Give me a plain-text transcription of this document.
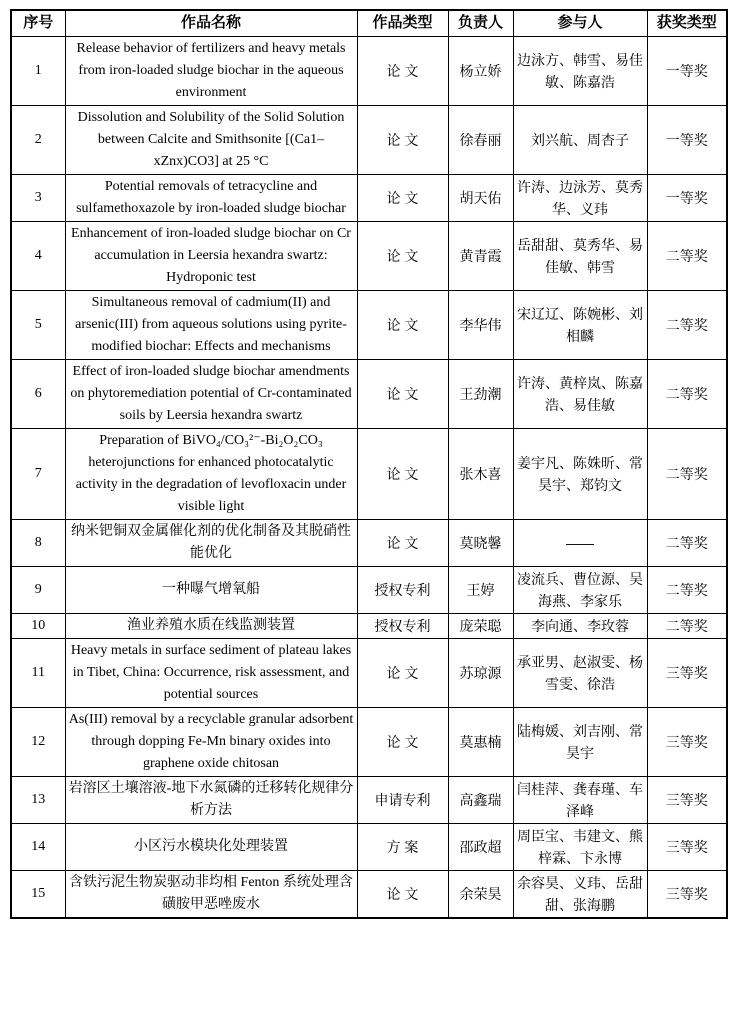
序号	作品名称	作品类型	负责人	参与人	获奖类型
1	Release behavior of fertilizers and heavy metals from iron-loaded sludge biochar in the aqueous environment	论 文	杨立娇	边泳方、韩雪、易佳敏、陈嘉浩	一等奖
2	Dissolution and Solubility of the Solid Solution between Calcite and Smithsonite [(Ca1–xZnx)CO3] at 25 °C	论 文	徐春丽	刘兴航、周杏子	一等奖
3	Potential removals of tetracycline and sulfamethoxazole by iron-loaded sludge biochar	论 文	胡天佑	许涛、边泳芳、莫秀华、义玮	一等奖
4	Enhancement of iron-loaded sludge biochar on Cr accumulation in Leersia hexandra swartz: Hydroponic test	论 文	黄青霞	岳甜甜、莫秀华、易佳敏、韩雪	二等奖
5	Simultaneous removal of cadmium(II) and arsenic(III) from aqueous solutions using pyrite-modified biochar: Effects and mechanisms	论 文	李华伟	宋辽辽、陈婉彬、刘相麟	二等奖
6	Effect of iron-loaded sludge biochar amendments on phytoremediation potential of Cr-contaminated soils by Leersia hexandra swartz	论 文	王劲潮	许涛、黄梓岚、陈嘉浩、易佳敏	二等奖
7	Preparation of BiVO₄/CO₃²⁻-Bi₂O₂CO₃ heterojunctions for enhanced photocatalytic activity in the degradation of levofloxacin under visible light	论 文	张木喜	姜宇凡、陈姝昕、常昊宇、郑钧文	二等奖
8	纳米钯铜双金属催化剂的优化制备及其脱硝性能优化	论 文	莫晓馨	——	二等奖
9	一种曝气增氧船	授权专利	王婷	凌流兵、曹位源、吴海燕、李家乐	二等奖
10	渔业养殖水质在线监测装置	授权专利	庞荣聪	李向通、李玫蓉	二等奖
11	Heavy metals in surface sediment of plateau lakes in Tibet, China: Occurrence, risk assessment, and potential sources	论 文	苏琼源	承亚男、赵淑雯、杨雪雯、徐浩	三等奖
12	As(III) removal by a recyclable granular adsorbent through dopping Fe-Mn binary oxides into graphene oxide chitosan	论 文	莫惠楠	陆梅媛、刘吉刚、常昊宇	三等奖
13	岩溶区土壤溶液-地下水氮磷的迁移转化规律分析方法	申请专利	高鑫瑞	闫桂萍、龚春瑾、车泽峰	三等奖
14	小区污水模块化处理装置	方 案	邵政超	周臣宝、韦建文、熊梓霖、卞永博	三等奖
15	含铁污泥生物炭驱动非均相 Fenton 系统处理含磺胺甲恶唑废水	论 文	余荣昊	余容昊、义玮、岳甜甜、张海鹏	三等奖
